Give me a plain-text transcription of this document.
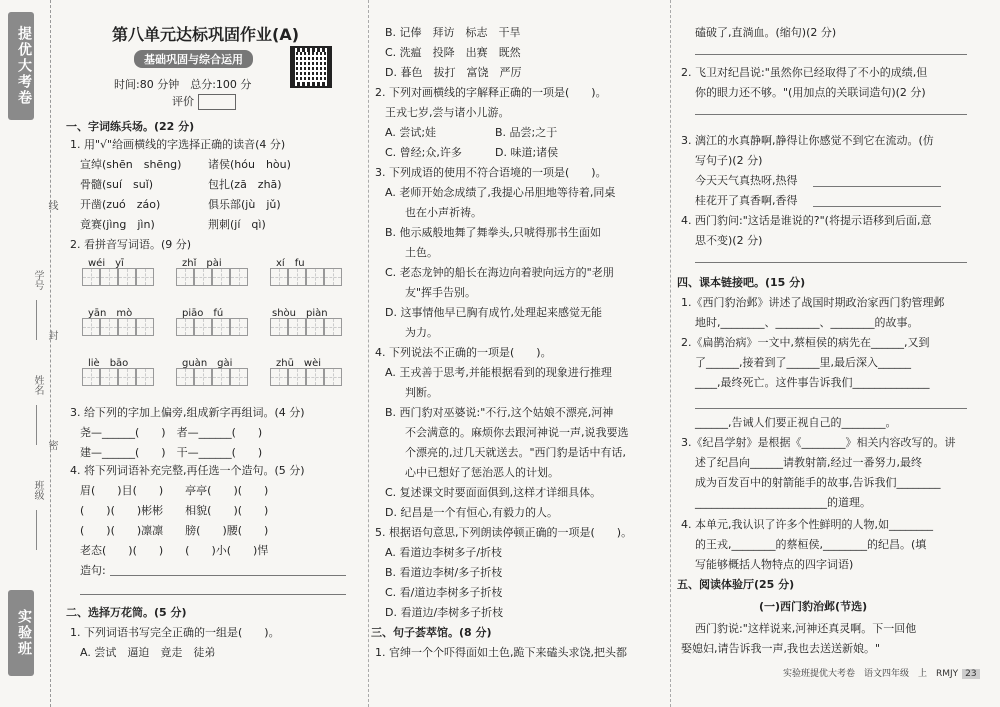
提优大考卷
实验班
学号
线
封
姓名
密
班级
第八单元达标巩固作业(A)
基础巩固与综合运用
时间:80 分钟　总分:100 分
评价
一、字词练兵场。(22 分)
1. 用"√"给画横线的字选择正确的读音(4 分)
宣绰(shēn　shēng) 诸侯(hóu　hòu)
骨髓(suí　suǐ)	包扎(zā　zhā)
开凿(zuó　záo)	俱乐部(jù　jǔ)
竟赛(jìng　jìn)	荆刺(jí　qì)
2. 看拼音写词语。(9 分)
wéi　yī	zhǐ　pài	xí　fu
yān　mò	piāo　fú	shòu　piàn
liè　bāo	guàn　gài	zhū　wèi
3. 给下列的字加上偏旁,组成新字再组词。(4 分)
尧—______(　　)　者—______(　　)
建—______(　　)　干—______(　　)
4. 将下列词语补充完整,再任选一个造句。(5 分)
眉(　　)目(　　)　　亭亭(　　)(　　)
(　　)(　　)彬彬　　相貌(　　)(　　)
(　　)(　　)凛凛　　膀(　　)腰(　　)
老态(　　)(　　)　　(　　)小(　　)悍
造句:
二、选择万花筒。(5 分)
1. 下列词语书写完全正确的一组是(　　)。
A. 尝试　逼迫　竟走　徒弟
B. 记俸　拜访　标志　干旱
C. 洗瘟　投降　出赛　既然
D. 暮色　拔打　富饶　严厉
2. 下列对画横线的字解释正确的一项是(　　)。
王戎七岁,尝与诸小儿游。
A. 尝试;娃	B. 品尝;之于
C. 曾经;众,许多	D. 味道;诸侯
3. 下列成语的使用不符合语境的一项是(　　)。
A. 老师开始念成绩了,我提心吊胆地等待着,同桌
也在小声祈祷。
B. 他示威般地舞了舞拳头,只唬得那书生面如
土色。
C. 老态龙钟的船长在海边向着驶向远方的"老朋
友"挥手告别。
D. 这事情他早已胸有成竹,处理起来感觉无能
为力。
4. 下列说法不正确的一项是(　　)。
A. 王戎善于思考,并能根据看到的现象进行推理
判断。
B. 西门豹对巫婆说:"不行,这个姑娘不漂亮,河神
不会满意的。麻烦你去跟河神说一声,说我要选
个漂亮的,过几天就送去。"西门豹是话中有话,
心中已想好了惩治恶人的计划。
C. 复述课文时要面面俱到,这样才详细具体。
D. 纪昌是一个有恒心,有毅力的人。
5. 根据语句意思,下列朗读停顿正确的一项是(　　)。
A. 看道边李树多子/折枝
B. 看道边李树/多子折枝
C. 看/道边李树多子折枝
D. 看道边/李树多子折枝
三、句子荟萃馆。(8 分)
1. 官绅一个个吓得面如土色,跪下来磕头求饶,把头都
磕破了,直淌血。(缩句)(2 分)
2. 飞卫对纪昌说:"虽然你已经取得了不小的成绩,但
你的眼力还不够。"(用加点的关联词造句)(2 分)
3. 漓江的水真静啊,静得让你感觉不到它在流动。(仿
写句子)(2 分)
今天天气真热呀,热得
桂花开了真香啊,香得
4. 西门豹问:"这话是谁说的?"(将提示语移到后面,意
思不变)(2 分)
四、课本链接吧。(15 分)
1.《西门豹治邺》讲述了战国时期政治家西门豹管理邺
地时,________、________、________的故事。
2.《扁鹊治病》一文中,蔡桓侯的病先在______,又到
了______,接着到了______里,最后深入______
____,最终死亡。这件事告诉我们______________
______,告诫人们要正视自己的________。
3.《纪昌学射》是根据《________》相关内容改写的。讲
述了纪昌向______请教射箭,经过一番努力,最终
成为百发百中的射箭能手的故事,告诉我们________
________________________的道理。
4. 本单元,我认识了许多个性鲜明的人物,如________
的王戎,________的蔡桓侯,________的纪昌。(填
写能够概括人物特点的四字词语)
五、阅读体验厅(25 分)
(一)西门豹治邺(节选)
西门豹说:"这样说来,河神还真灵啊。下一回他
娶媳妇,请告诉我一声,我也去送送新娘。"
实验班提优大考卷　语文四年级　上　RMJY 23
